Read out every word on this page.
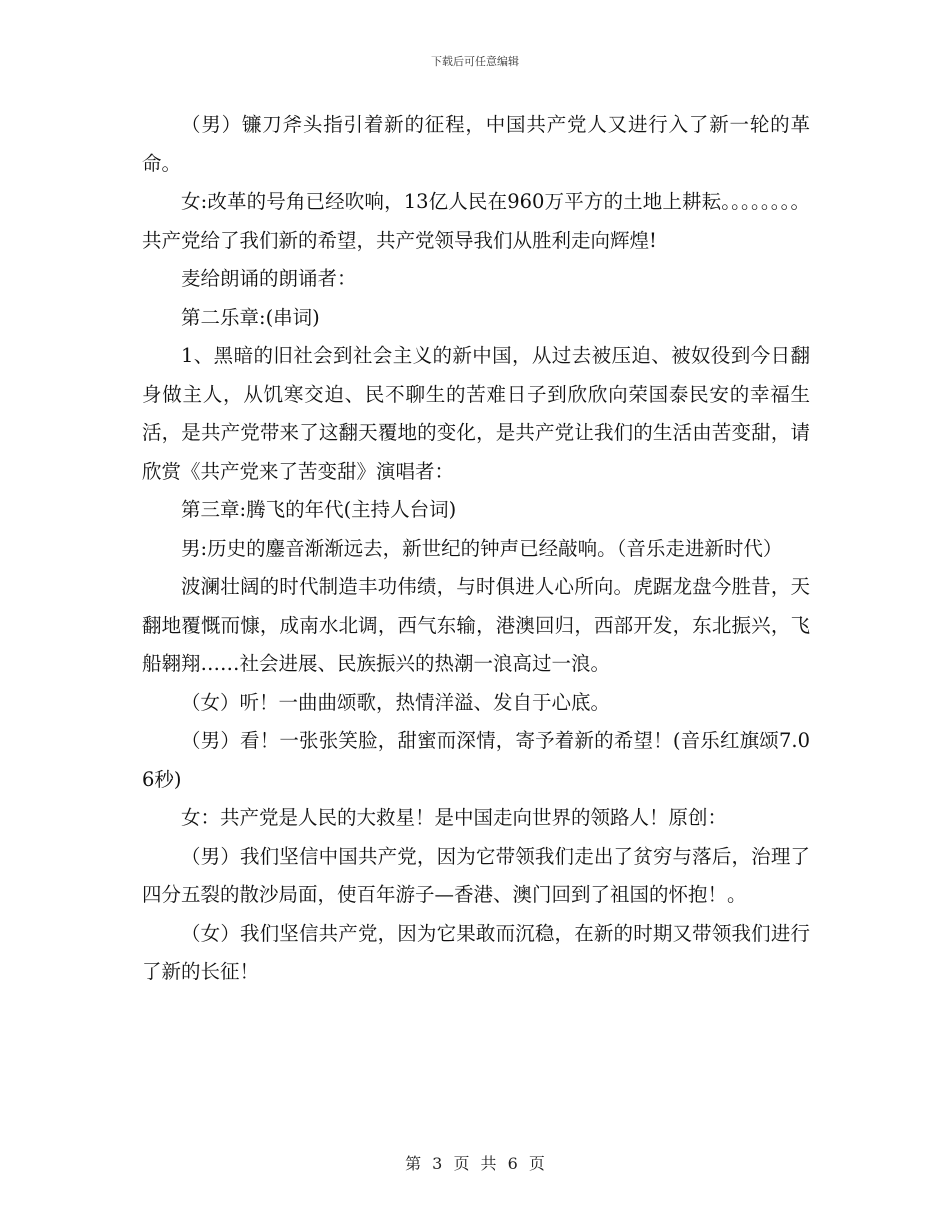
下载后可任意编辑

（男）镰刀斧头指引着新的征程，中国共产党人又进行入了新一轮的革命。

女:改革的号角已经吹响，13亿人民在960万平方的土地上耕耘。。。。。。。。共产党给了我们新的希望，共产党领导我们从胜利走向辉煌!

麦给朗诵的朗诵者：

第二乐章:(串词)

1、黑暗的旧社会到社会主义的新中国，从过去被压迫、被奴役到今日翻身做主人，从饥寒交迫、民不聊生的苦难日子到欣欣向荣国泰民安的幸福生活，是共产党带来了这翻天覆地的变化，是共产党让我们的生活由苦变甜，请欣赏《共产党来了苦变甜》演唱者：

第三章:腾飞的年代(主持人台词)

男:历史的鏖音渐渐远去，新世纪的钟声已经敲响。（音乐走进新时代）

波澜壮阔的时代制造丰功伟绩，与时俱进人心所向。虎踞龙盘今胜昔，天翻地覆慨而慷，成南水北调，西气东输，港澳回归，西部开发，东北振兴，飞船翱翔……社会进展、民族振兴的热潮一浪高过一浪。

（女）听！一曲曲颂歌，热情洋溢、发自于心底。

（男）看！一张张笑脸，甜蜜而深情，寄予着新的希望！(音乐红旗颂7.06秒)

女：共产党是人民的大救星！是中国走向世界的领路人！原创：

（男）我们坚信中国共产党，因为它带领我们走出了贫穷与落后，治理了四分五裂的散沙局面，使百年游子—香港、澳门回到了祖国的怀抱！。

（女）我们坚信共产党，因为它果敢而沉稳，在新的时期又带领我们进行了新的长征！

第 3 页 共 6 页
